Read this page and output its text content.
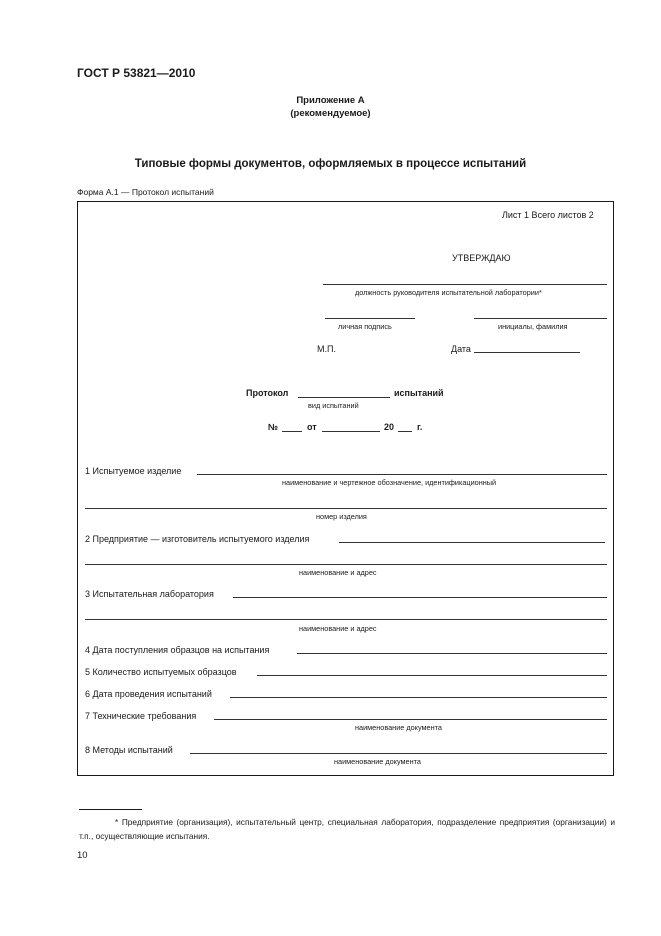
ГОСТ Р 53821—2010
Приложение А
(рекомендуемое)
Типовые формы документов, оформляемых в процессе испытаний
Форма А.1 — Протокол испытаний
Лист 1 Всего листов 2
УТВЕРЖДАЮ
должность руководителя испытательной лаборатории*
личная подпись	инициалы, фамилия
М.П.	Дата
Протокол	испытаний
вид испытаний
№	от	20	г.
1 Испытуемое изделие
наименование и чертежное обозначение, идентификационный
номер изделия
2 Предприятие — изготовитель испытуемого изделия
наименование и адрес
3 Испытательная лаборатория
наименование и адрес
4 Дата поступления образцов на испытания
5 Количество испытуемых образцов
6 Дата проведения испытаний
7 Технические требования
наименование документа
8 Методы испытаний
наименование документа
* Предприятие (организация), испытательный центр, специальная лаборатория, подразделение предприятия (организации) и т.п., осуществляющие испытания.
10
